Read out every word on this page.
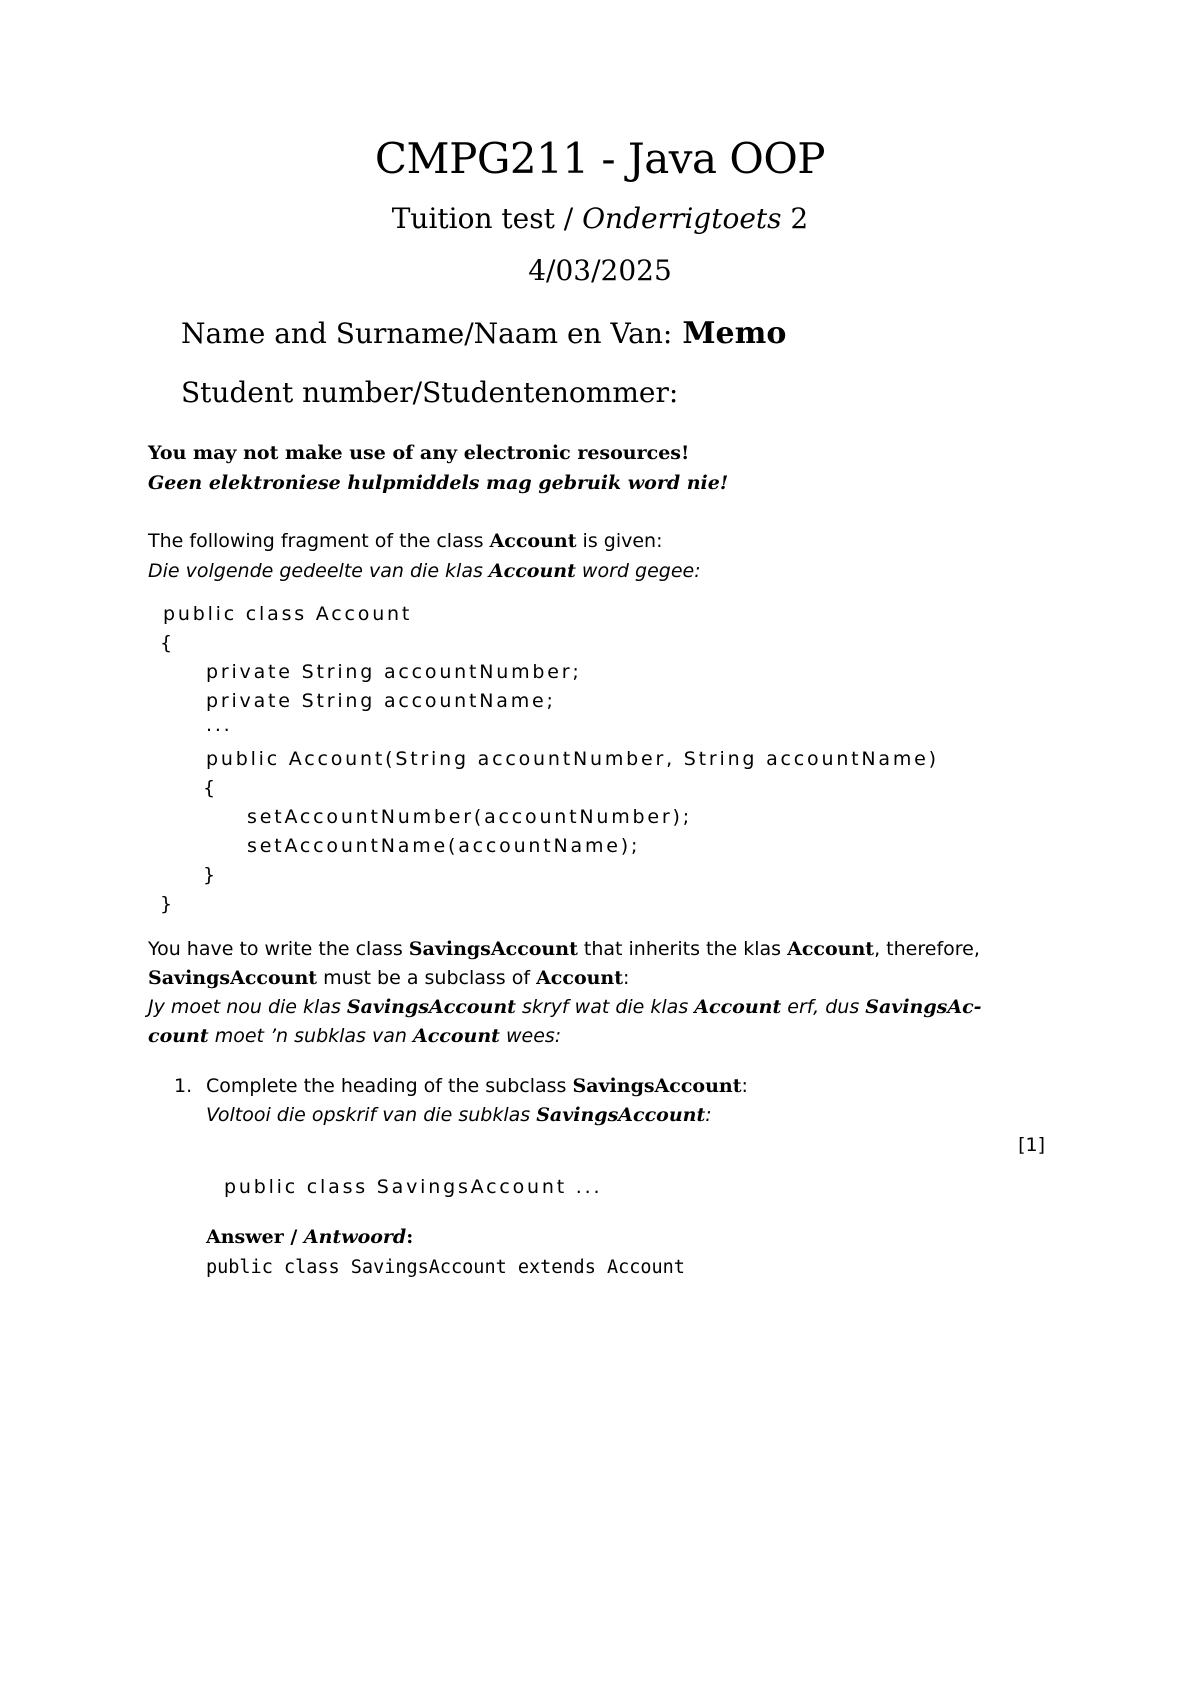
CMPG211 - Java OOP
Tuition test / Onderrigtoets 2
4/03/2025
Name and Surname/Naam en Van: Memo
Student number/Studentenommer:
You may not make use of any electronic resources!
Geen elektroniese hulpmiddels mag gebruik word nie!
The following fragment of the class Account is given:
Die volgende gedeelte van die klas Account word gegee:
public class Account
{
private String accountNumber;
private String accountName;
...
public Account(String accountNumber, String accountName)
{
setAccountNumber(accountNumber);
setAccountName(accountName);
}
}
You have to write the class SavingsAccount that inherits the klas Account, therefore,
SavingsAccount must be a subclass of Account:
Jy moet nou die klas SavingsAccount skryf wat die klas Account erf, dus SavingsAc-
count moet ’n subklas van Account wees:
1. Complete the heading of the subclass SavingsAccount:
Voltooi die opskrif van die subklas SavingsAccount:
[1]
public class SavingsAccount ...
Answer / Antwoord:
public class SavingsAccount extends Account
